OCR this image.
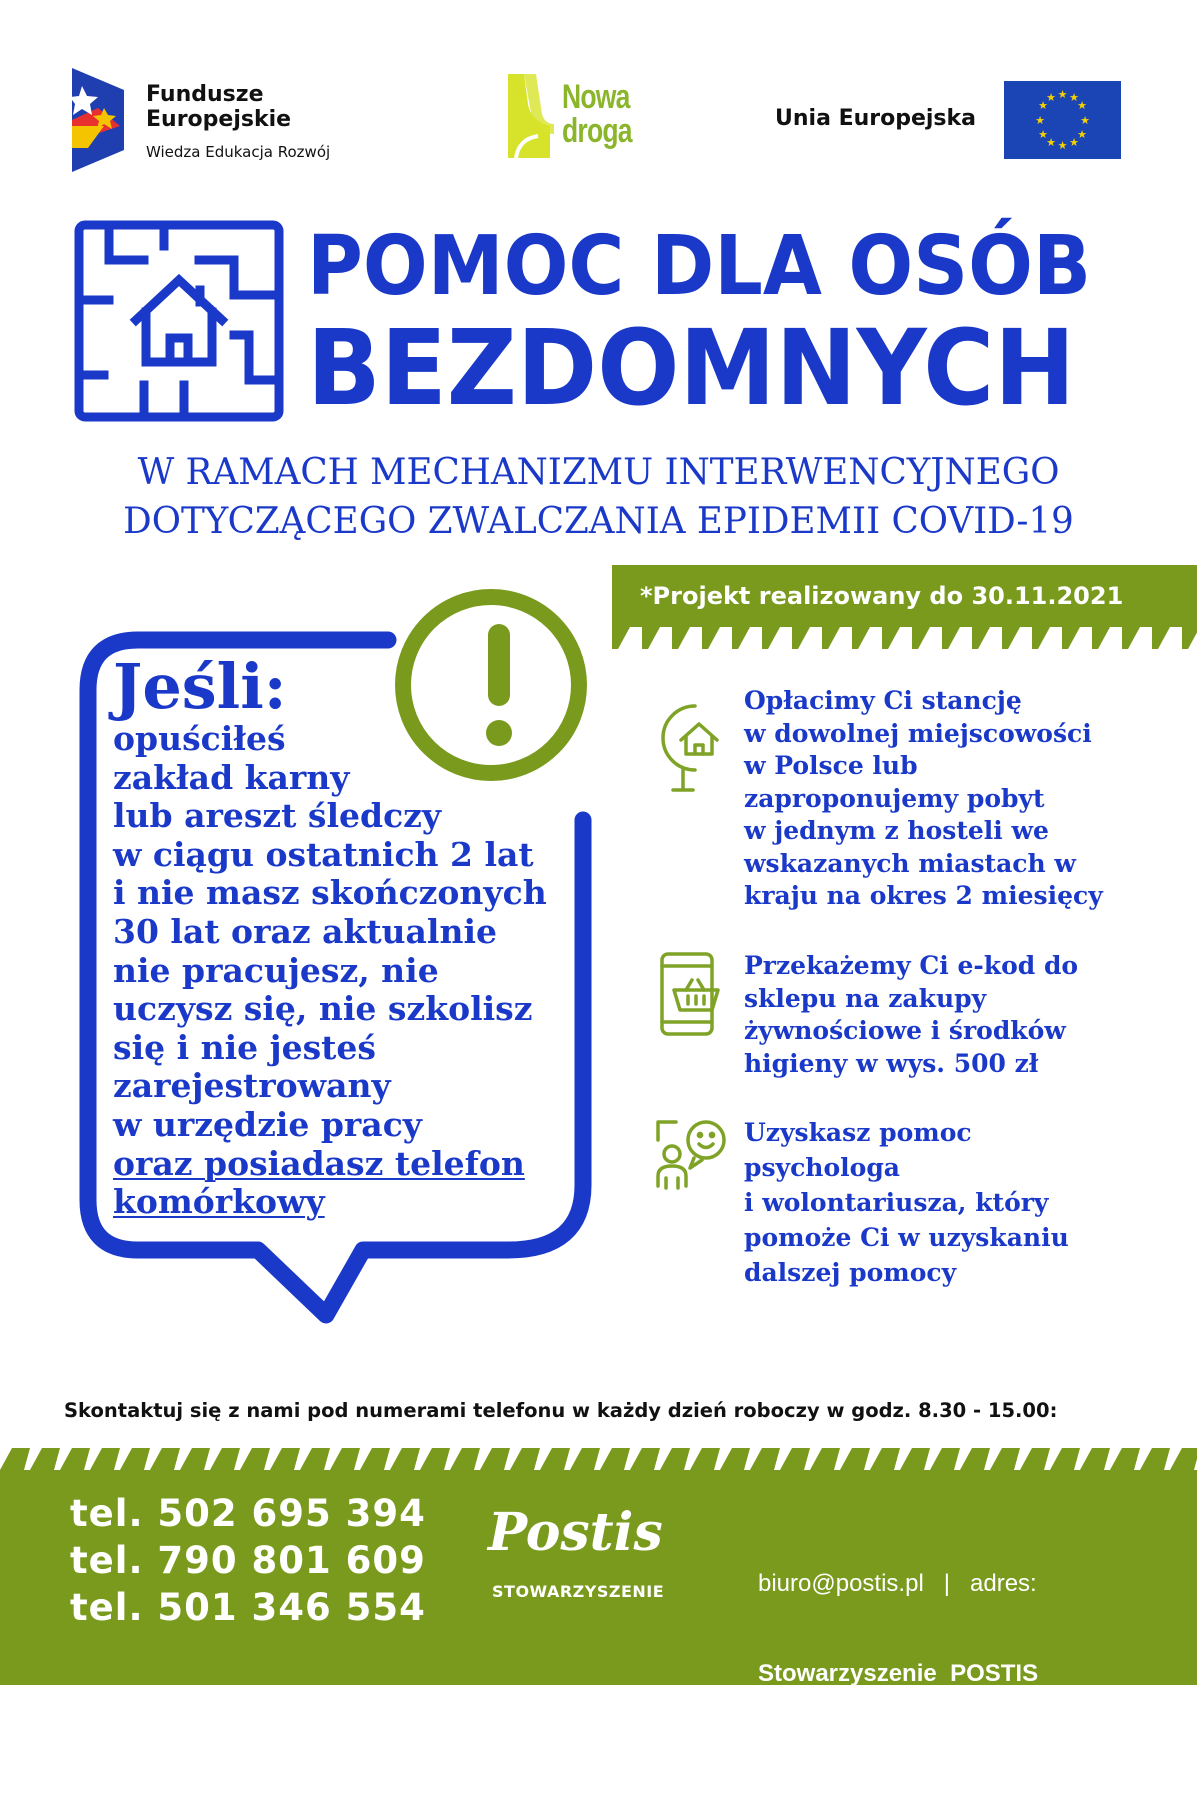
Fundusze
Europejskie
Wiedza Edukacja Rozwój
Nowa
droga	Unia Europejska
★ ★
★
★
★
★
★
★
★
★
★
★
POMOC DLA OSÓB
BEZDOMNYCH
W RAMACH MECHANIZMU INTERWENCYJNEGO
DOTYCZĄCEGO ZWALCZANIA EPIDEMII COVID-19
*Projekt realizowany do 30.11.2021
Jeśli:
opuściłeś
zakład karny
lub areszt śledczy
w ciągu ostatnich 2 lat
i nie masz skończonych
30 lat oraz aktualnie
nie pracujesz, nie
uczysz się, nie szkolisz
się i nie jesteś
zarejestrowany
w urzędzie pracy
oraz posiadasz telefon
komórkowy
Opłacimy Ci stancję
w dowolnej miejscowości
w Polsce lub
zaproponujemy pobyt
w jednym z hosteli we
wskazanych miastach w
kraju na okres 2 miesięcy
Przekażemy Ci e-kod do
sklepu na zakupy
żywnościowe i środków
higieny w wys. 500 zł
Uzyskasz pomoc
psychologa
i wolontariusza, który
pomoże Ci w uzyskaniu
dalszej pomocy
Skontaktuj się z nami pod numerami telefonu w każdy dzień roboczy w godz. 8.30 - 15.00:
tel. 502 695 394
tel. 790 801 609
tel. 501 346 554
Postis
STOWARZYSZENIE

	biuro@postis.pl   |   adres:

Stowarzyszenie  POSTIS

20-601 Lublin, ul. Zana 3A
